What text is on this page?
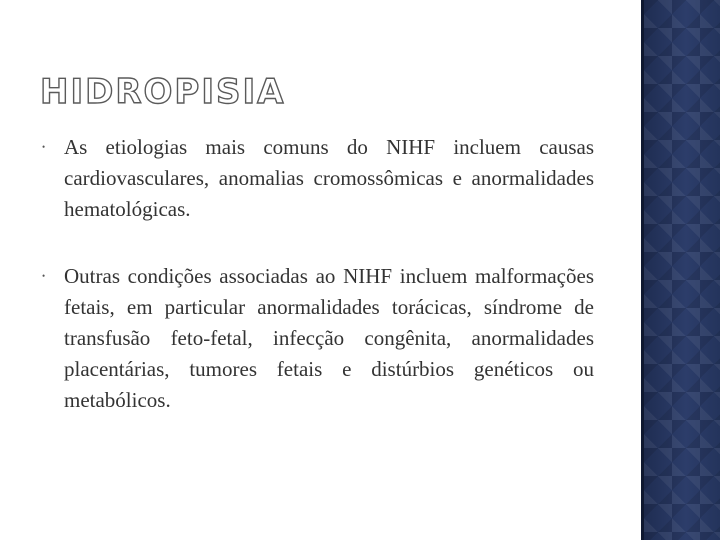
HIDROPISIA
• As etiologias mais comuns do NIHF incluem causas cardiovasculares, anomalias cromossômicas e anormalidades hematológicas.
• Outras condições associadas ao NIHF incluem malformações fetais, em particular anormalidades torácicas, síndrome de transfusão feto-fetal, infecção congênita, anormalidades placentárias, tumores fetais e distúrbios genéticos ou metabólicos.
